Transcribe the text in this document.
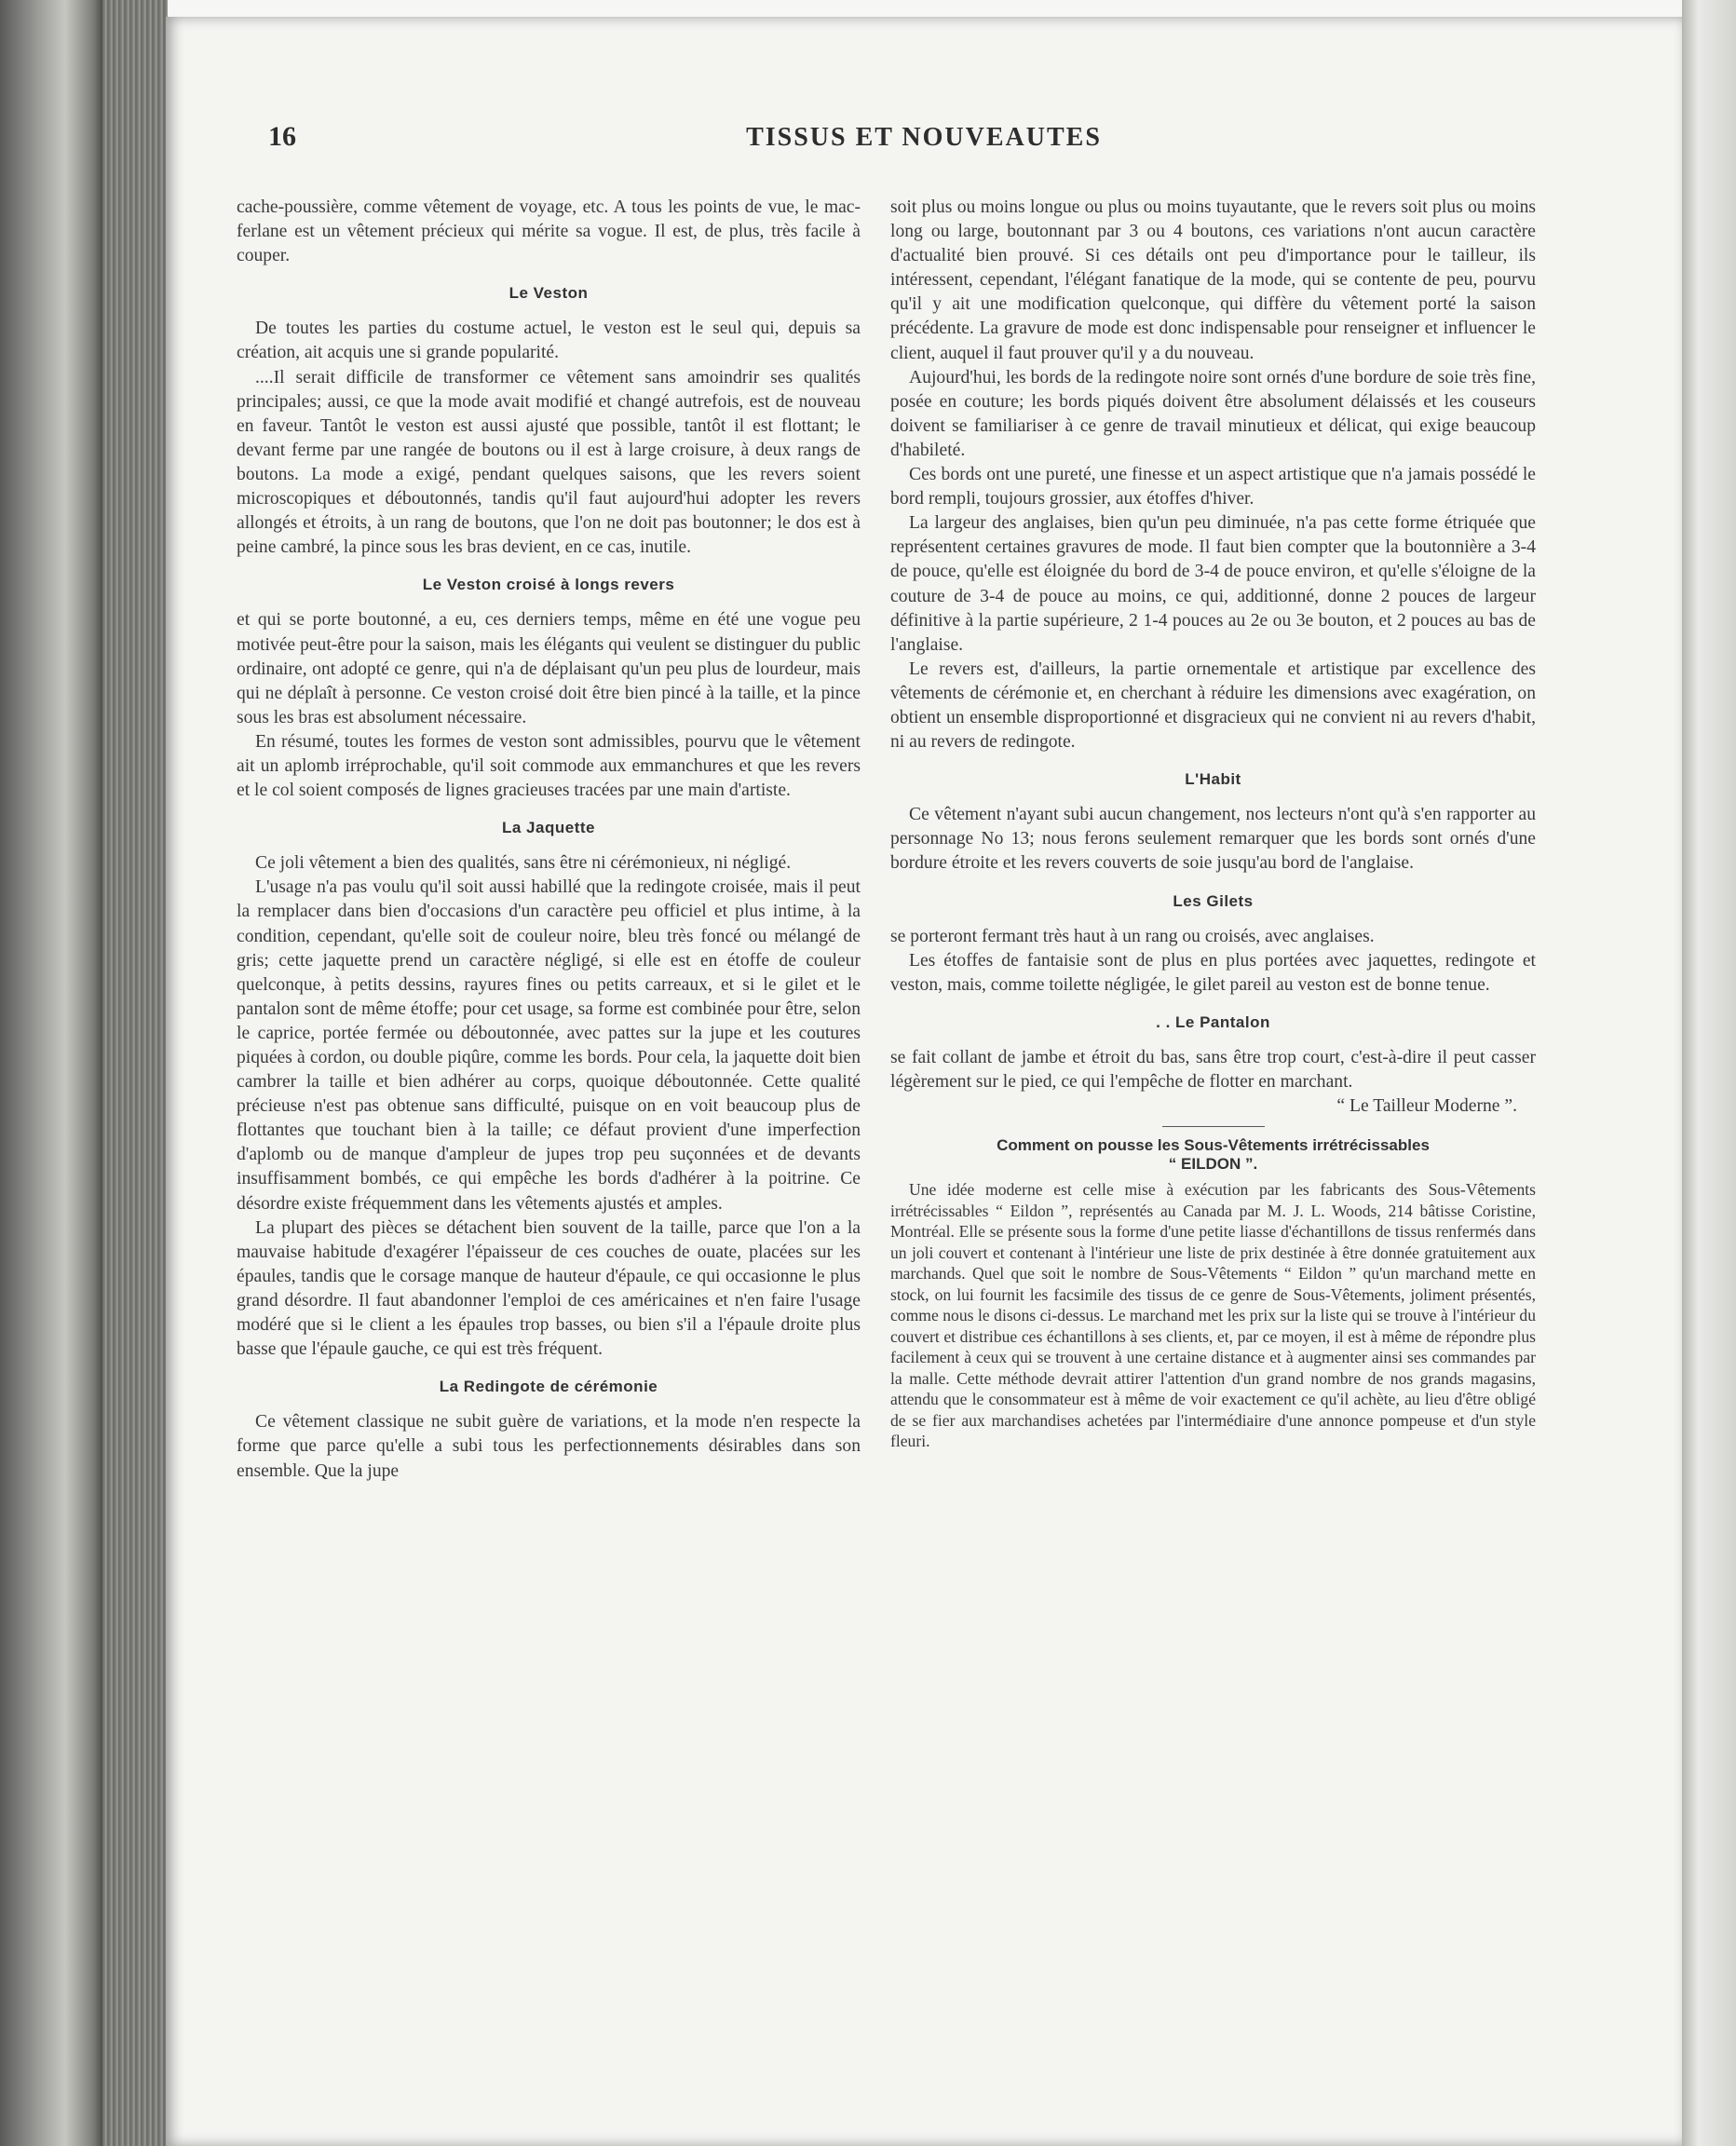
16	TISSUS ET NOUVEAUTES

cache-poussière, comme vêtement de voyage, etc. A tous les points de vue, le mac-ferlane est un vêtement précieux qui mérite sa vogue. Il est, de plus, très facile à couper.

Le Veston

De toutes les parties du costume actuel, le veston est le seul qui, depuis sa création, ait acquis une si grande popularité.

....Il serait difficile de transformer ce vêtement sans amoindrir ses qualités principales; aussi, ce que la mode avait modifié et changé autrefois, est de nouveau en faveur. Tantôt le veston est aussi ajusté que possible, tantôt il est flottant; le devant ferme par une rangée de boutons ou il est à large croisure, à deux rangs de boutons. La mode a exigé, pendant quelques saisons, que les revers soient microscopiques et déboutonnés, tandis qu'il faut aujourd'hui adopter les revers allongés et étroits, à un rang de boutons, que l'on ne doit pas boutonner; le dos est à peine cambré, la pince sous les bras devient, en ce cas, inutile.

Le Veston croisé à longs revers

et qui se porte boutonné, a eu, ces derniers temps, même en été une vogue peu motivée peut-être pour la saison, mais les élégants qui veulent se distinguer du public ordinaire, ont adopté ce genre, qui n'a de déplaisant qu'un peu plus de lourdeur, mais qui ne déplaît à personne. Ce veston croisé doit être bien pincé à la taille, et la pince sous les bras est absolument nécessaire.

En résumé, toutes les formes de veston sont admissibles, pourvu que le vêtement ait un aplomb irréprochable, qu'il soit commode aux emmanchures et que les revers et le col soient composés de lignes gracieuses tracées par une main d'artiste.

La Jaquette

Ce joli vêtement a bien des qualités, sans être ni cérémonieux, ni négligé.

L'usage n'a pas voulu qu'il soit aussi habillé que la redingote croisée, mais il peut la remplacer dans bien d'occasions d'un caractère peu officiel et plus intime, à la condition, cependant, qu'elle soit de couleur noire, bleu très foncé ou mélangé de gris; cette jaquette prend un caractère négligé, si elle est en étoffe de couleur quelconque, à petits dessins, rayures fines ou petits carreaux, et si le gilet et le pantalon sont de même étoffe; pour cet usage, sa forme est combinée pour être, selon le caprice, portée fermée ou déboutonnée, avec pattes sur la jupe et les coutures piquées à cordon, ou double piqûre, comme les bords. Pour cela, la jaquette doit bien cambrer la taille et bien adhérer au corps, quoique déboutonnée. Cette qualité précieuse n'est pas obtenue sans difficulté, puisque on en voit beaucoup plus de flottantes que touchant bien à la taille; ce défaut provient d'une imperfection d'aplomb ou de manque d'ampleur de jupes trop peu suçonnées et de devants insuffisamment bombés, ce qui empêche les bords d'adhérer à la poitrine. Ce désordre existe fréquemment dans les vêtements ajustés et amples.

La plupart des pièces se détachent bien souvent de la taille, parce que l'on a la mauvaise habitude d'exagérer l'épaisseur de ces couches de ouate, placées sur les épaules, tandis que le corsage manque de hauteur d'épaule, ce qui occasionne le plus grand désordre. Il faut abandonner l'emploi de ces américaines et n'en faire l'usage modéré que si le client a les épaules trop basses, ou bien s'il a l'épaule droite plus basse que l'épaule gauche, ce qui est très fréquent.

La Redingote de cérémonie

Ce vêtement classique ne subit guère de variations, et la mode n'en respecte la forme que parce qu'elle a subi tous les perfectionnements désirables dans son ensemble. Que la jupe

soit plus ou moins longue ou plus ou moins tuyautante, que le revers soit plus ou moins long ou large, boutonnant par 3 ou 4 boutons, ces variations n'ont aucun caractère d'actualité bien prouvé. Si ces détails ont peu d'importance pour le tailleur, ils intéressent, cependant, l'élégant fanatique de la mode, qui se contente de peu, pourvu qu'il y ait une modification quelconque, qui diffère du vêtement porté la saison précédente. La gravure de mode est donc indispensable pour renseigner et influencer le client, auquel il faut prouver qu'il y a du nouveau.

Aujourd'hui, les bords de la redingote noire sont ornés d'une bordure de soie très fine, posée en couture; les bords piqués doivent être absolument délaissés et les couseurs doivent se familiariser à ce genre de travail minutieux et délicat, qui exige beaucoup d'habileté.

Ces bords ont une pureté, une finesse et un aspect artistique que n'a jamais possédé le bord rempli, toujours grossier, aux étoffes d'hiver.

La largeur des anglaises, bien qu'un peu diminuée, n'a pas cette forme étriquée que représentent certaines gravures de mode. Il faut bien compter que la boutonnière a 3-4 de pouce, qu'elle est éloignée du bord de 3-4 de pouce environ, et qu'elle s'éloigne de la couture de 3-4 de pouce au moins, ce qui, additionné, donne 2 pouces de largeur définitive à la partie supérieure, 2 1-4 pouces au 2e ou 3e bouton, et 2 pouces au bas de l'anglaise.

Le revers est, d'ailleurs, la partie ornementale et artistique par excellence des vêtements de cérémonie et, en cherchant à réduire les dimensions avec exagération, on obtient un ensemble disproportionné et disgracieux qui ne convient ni au revers d'habit, ni au revers de redingote.

L'Habit

Ce vêtement n'ayant subi aucun changement, nos lecteurs n'ont qu'à s'en rapporter au personnage No 13; nous ferons seulement remarquer que les bords sont ornés d'une bordure étroite et les revers couverts de soie jusqu'au bord de l'anglaise.

Les Gilets

se porteront fermant très haut à un rang ou croisés, avec anglaises.

Les étoffes de fantaisie sont de plus en plus portées avec jaquettes, redingote et veston, mais, comme toilette négligée, le gilet pareil au veston est de bonne tenue.

. . Le Pantalon

se fait collant de jambe et étroit du bas, sans être trop court, c'est-à-dire il peut casser légèrement sur le pied, ce qui l'empêche de flotter en marchant.

“ Le Tailleur Moderne ”.

Comment on pousse les Sous-Vêtements irrétrécissables
“ EILDON ”.

Une idée moderne est celle mise à exécution par les fabricants des Sous-Vêtements irrétrécissables “ Eildon ”, représentés au Canada par M. J. L. Woods, 214 bâtisse Coristine, Montréal. Elle se présente sous la forme d'une petite liasse d'échantillons de tissus renfermés dans un joli couvert et contenant à l'intérieur une liste de prix destinée à être donnée gratuitement aux marchands. Quel que soit le nombre de Sous-Vêtements “ Eildon ” qu'un marchand mette en stock, on lui fournit les facsimile des tissus de ce genre de Sous-Vêtements, joliment présentés, comme nous le disons ci-dessus. Le marchand met les prix sur la liste qui se trouve à l'intérieur du couvert et distribue ces échantillons à ses clients, et, par ce moyen, il est à même de répondre plus facilement à ceux qui se trouvent à une certaine distance et à augmenter ainsi ses commandes par la malle. Cette méthode devrait attirer l'attention d'un grand nombre de nos grands magasins, attendu que le consommateur est à même de voir exactement ce qu'il achète, au lieu d'être obligé de se fier aux marchandises achetées par l'intermédiaire d'une annonce pompeuse et d'un style fleuri.
